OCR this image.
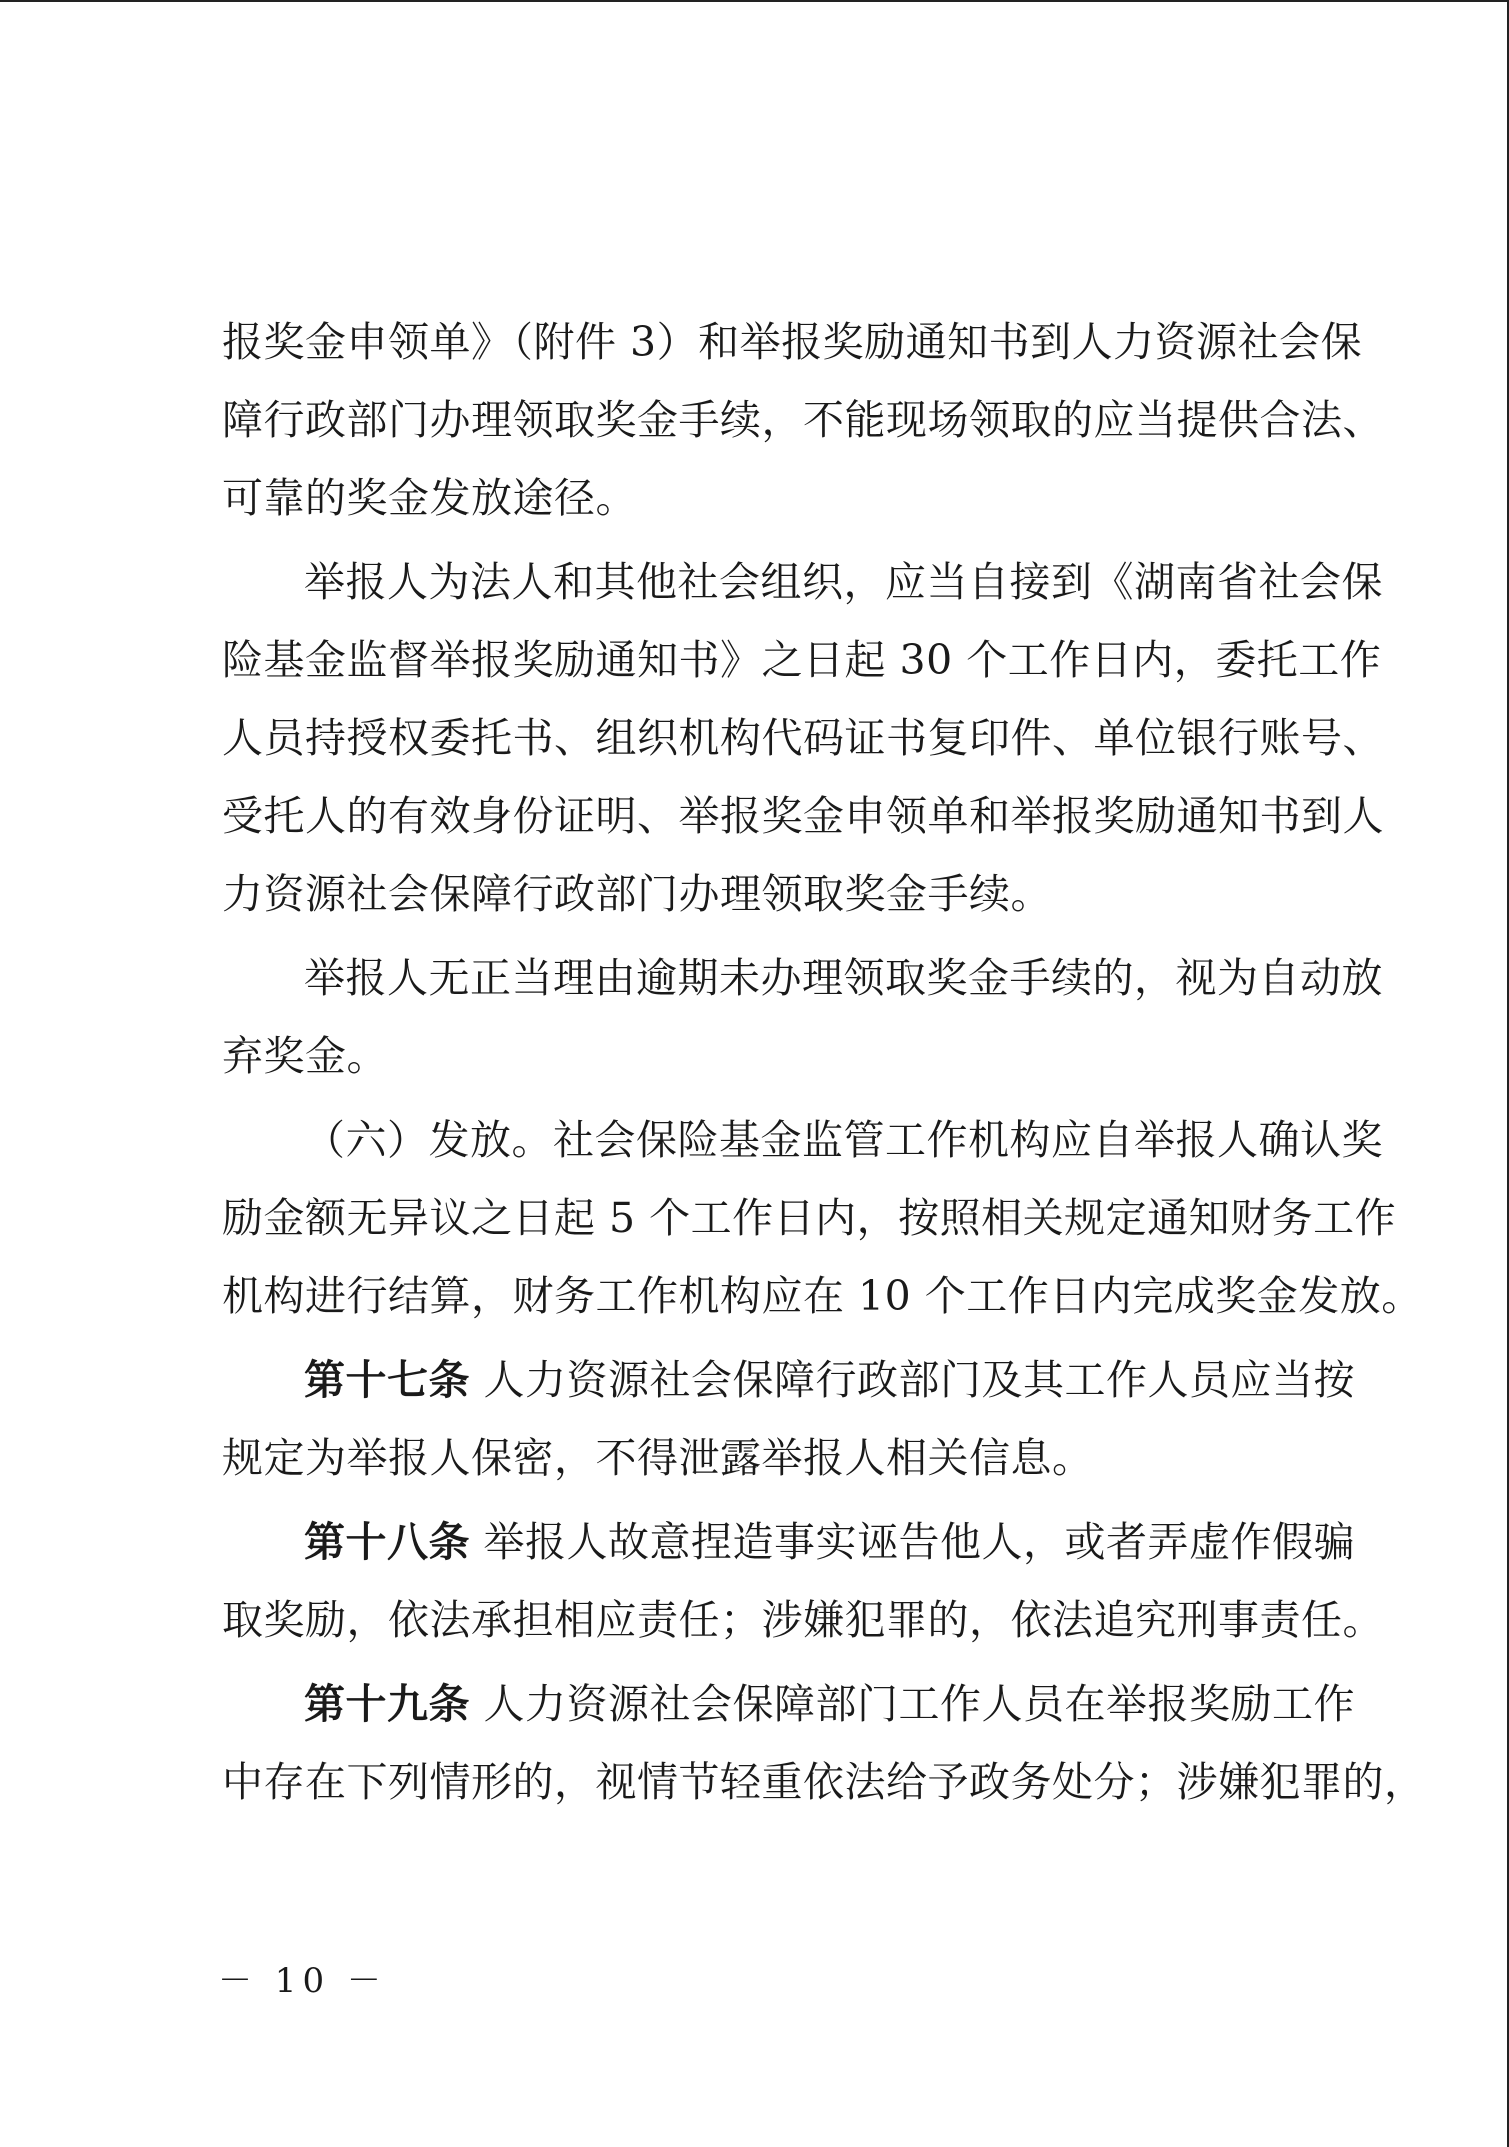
报奖金申领单》（附件 3）和举报奖励通知书到人力资源社会保
障行政部门办理领取奖金手续，不能现场领取的应当提供合法、
可靠的奖金发放途径。
举报人为法人和其他社会组织，应当自接到《湖南省社会保
险基金监督举报奖励通知书》之日起 30 个工作日内，委托工作
人员持授权委托书、组织机构代码证书复印件、单位银行账号、
受托人的有效身份证明、举报奖金申领单和举报奖励通知书到人
力资源社会保障行政部门办理领取奖金手续。
举报人无正当理由逾期未办理领取奖金手续的，视为自动放
弃奖金。
（六）发放。社会保险基金监管工作机构应自举报人确认奖
励金额无异议之日起 5 个工作日内，按照相关规定通知财务工作
机构进行结算，财务工作机构应在 10 个工作日内完成奖金发放。
第十七条 人力资源社会保障行政部门及其工作人员应当按
规定为举报人保密，不得泄露举报人相关信息。
第十八条 举报人故意捏造事实诬告他人，或者弄虚作假骗
取奖励，依法承担相应责任；涉嫌犯罪的，依法追究刑事责任。
第十九条 人力资源社会保障部门工作人员在举报奖励工作
中存在下列情形的，视情节轻重依法给予政务处分；涉嫌犯罪的，
－ 10 －
